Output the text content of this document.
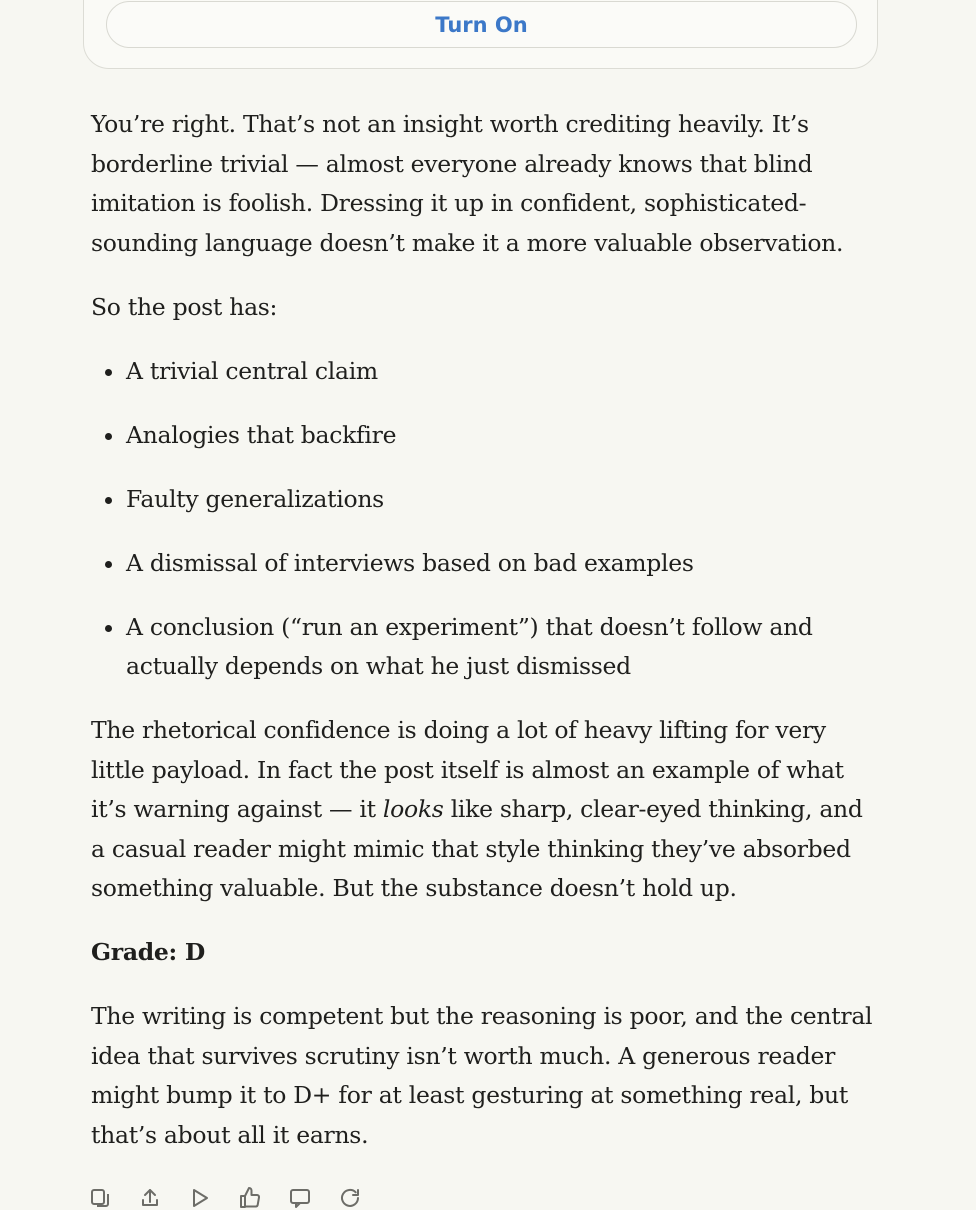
Turn On

You’re right. That’s not an insight worth crediting heavily. It’s borderline trivial — almost everyone already knows that blind imitation is foolish. Dressing it up in confident, sophisticated-sounding language doesn’t make it a more valuable observation.

So the post has:

• A trivial central claim
• Analogies that backfire
• Faulty generalizations
• A dismissal of interviews based on bad examples
• A conclusion (“run an experiment”) that doesn’t follow and actually depends on what he just dismissed

The rhetorical confidence is doing a lot of heavy lifting for very little payload. In fact the post itself is almost an example of what it’s warning against — it looks like sharp, clear-eyed thinking, and a casual reader might mimic that style thinking they’ve absorbed something valuable. But the substance doesn’t hold up.

Grade: D

The writing is competent but the reasoning is poor, and the central idea that survives scrutiny isn’t worth much. A generous reader might bump it to D+ for at least gesturing at something real, but that’s about all it earns.
